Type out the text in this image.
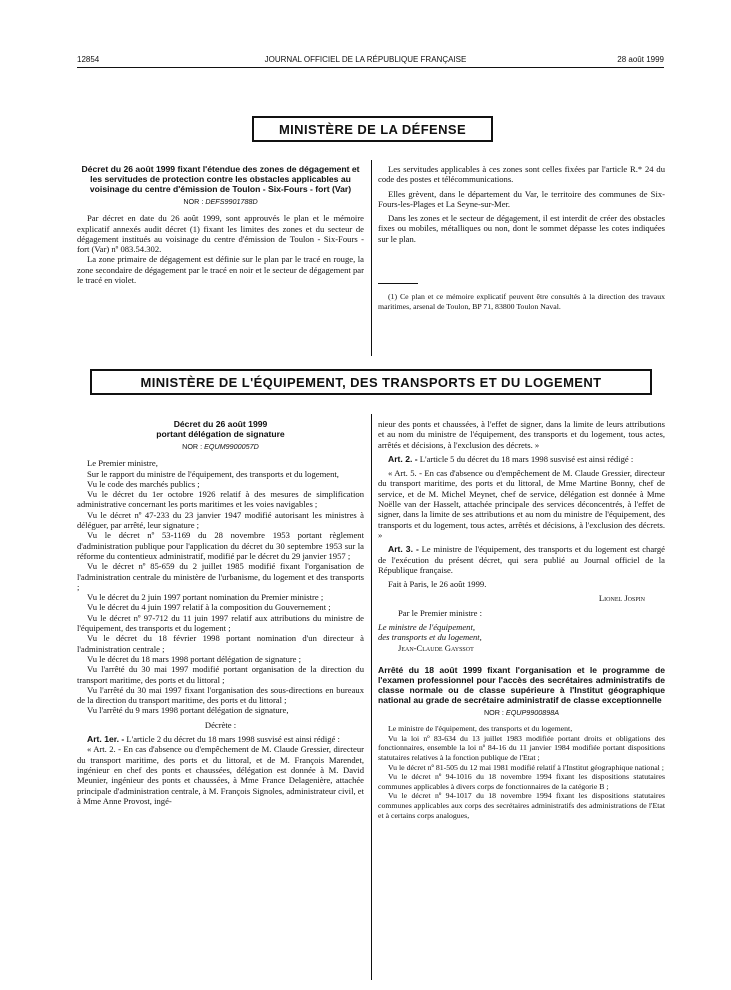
12854	JOURNAL OFFICIEL DE LA RÉPUBLIQUE FRANÇAISE	28 août 1999
MINISTÈRE DE LA DÉFENSE

Décret du 26 août 1999 fixant l'étendue des zones de dégagement et les servitudes de protection contre les obstacles applicables au voisinage du centre d'émission de Toulon - Six-Fours - fort (Var)

NOR : DEFS9901788D

Par décret en date du 26 août 1999, sont approuvés le plan et le mémoire explicatif annexés audit décret (1) fixant les limites des zones et du secteur de dégagement institués au voisinage du centre d'émission de Toulon - Six-Fours - fort (Var) nº 083.54.302.

La zone primaire de dégagement est définie sur le plan par le tracé en rouge, la zone secondaire de dégagement par le tracé en noir et le secteur de dégagement par le tracé en violet.

Les servitudes applicables à ces zones sont celles fixées par l'article R.* 24 du code des postes et télécommunications.

Elles grèvent, dans le département du Var, le territoire des communes de Six-Fours-les-Plages et La Seyne-sur-Mer.

Dans les zones et le secteur de dégagement, il est interdit de créer des obstacles fixes ou mobiles, métalliques ou non, dont le sommet dépasse les cotes indiquées sur le plan.

(1) Ce plan et ce mémoire explicatif peuvent être consultés à la direction des travaux maritimes, arsenal de Toulon, BP 71, 83800 Toulon Naval.

MINISTÈRE DE L'ÉQUIPEMENT, DES TRANSPORTS ET DU LOGEMENT

Décret du 26 août 1999

portant délégation de signature

NOR : EQUM9900057D

Le Premier ministre,

Sur le rapport du ministre de l'équipement, des transports et du logement,

Vu le code des marchés publics ;

Vu le décret du 1er octobre 1926 relatif à des mesures de simplification administrative concernant les ports maritimes et les voies navigables ;

Vu le décret nº 47-233 du 23 janvier 1947 modifié autorisant les ministres à déléguer, par arrêté, leur signature ;

Vu le décret nº 53-1169 du 28 novembre 1953 portant règlement d'administration publique pour l'application du décret du 30 septembre 1953 sur la réforme du contentieux administratif, modifié par le décret du 29 janvier 1957 ;

Vu le décret nº 85-659 du 2 juillet 1985 modifié fixant l'organisation de l'administration centrale du ministère de l'urbanisme, du logement et des transports ;

Vu le décret du 2 juin 1997 portant nomination du Premier ministre ;

Vu le décret du 4 juin 1997 relatif à la composition du Gouvernement ;

Vu le décret nº 97-712 du 11 juin 1997 relatif aux attributions du ministre de l'équipement, des transports et du logement ;

Vu le décret du 18 février 1998 portant nomination d'un directeur à l'administration centrale ;

Vu le décret du 18 mars 1998 portant délégation de signature ;

Vu l'arrêté du 30 mai 1997 modifié portant organisation de la direction du transport maritime, des ports et du littoral ;

Vu l'arrêté du 30 mai 1997 fixant l'organisation des sous-directions en bureaux de la direction du transport maritime, des ports et du littoral ;

Vu l'arrêté du 9 mars 1998 portant délégation de signature,

Décrète :

Art. 1er. - L'article 2 du décret du 18 mars 1998 susvisé est ainsi rédigé :

« Art. 2. - En cas d'absence ou d'empêchement de M. Claude Gressier, directeur du transport maritime, des ports et du littoral, et de M. François Marendet, ingénieur en chef des ponts et chaussées, délégation est donnée à M. David Meunier, ingénieur des ponts et chaussées, à Mme France Delagenière, attachée principale d'administration centrale, à M. François Signoles, administrateur civil, et à Mme Anne Provost, ingé-

nieur des ponts et chaussées, à l'effet de signer, dans la limite de leurs attributions et au nom du ministre de l'équipement, des transports et du logement, tous actes, arrêtés et décisions, à l'exclusion des décrets. »

Art. 2. - L'article 5 du décret du 18 mars 1998 susvisé est ainsi rédigé :

« Art. 5. - En cas d'absence ou d'empêchement de M. Claude Gressier, directeur du transport maritime, des ports et du littoral, de Mme Martine Bonny, chef de service, et de M. Michel Meynet, chef de service, délégation est donnée à Mme Noëlle van der Hasselt, attachée principale des services déconcentrés, à l'effet de signer, dans la limite de ses attributions et au nom du ministre de l'équipement, des transports et du logement, tous actes, arrêtés et décisions, à l'exclusion des décrets. »

Art. 3. - Le ministre de l'équipement, des transports et du logement est chargé de l'exécution du présent décret, qui sera publié au Journal officiel de la République française.

Fait à Paris, le 26 août 1999.

Lionel Jospin

Par le Premier ministre :

Le ministre de l'équipement,

des transports et du logement,

Jean-Claude Gayssot

Arrêté du 18 août 1999 fixant l'organisation et le programme de l'examen professionnel pour l'accès des secrétaires administratifs de classe normale ou de classe supérieure à l'Institut géographique national au grade de secrétaire administratif de classe exceptionnelle

NOR : EQUP9900898A

Le ministre de l'équipement, des transports et du logement,

Vu la loi nº 83-634 du 13 juillet 1983 modifiée portant droits et obligations des fonctionnaires, ensemble la loi nº 84-16 du 11 janvier 1984 modifiée portant dispositions statutaires relatives à la fonction publique de l'Etat ;

Vu le décret nº 81-505 du 12 mai 1981 modifié relatif à l'Institut géographique national ;

Vu le décret nº 94-1016 du 18 novembre 1994 fixant les dispositions statutaires communes applicables à divers corps de fonctionnaires de la catégorie B ;

Vu le décret nº 94-1017 du 18 novembre 1994 fixant les dispositions statutaires communes applicables aux corps des secrétaires administratifs des administrations de l'Etat et à certains corps analogues,
